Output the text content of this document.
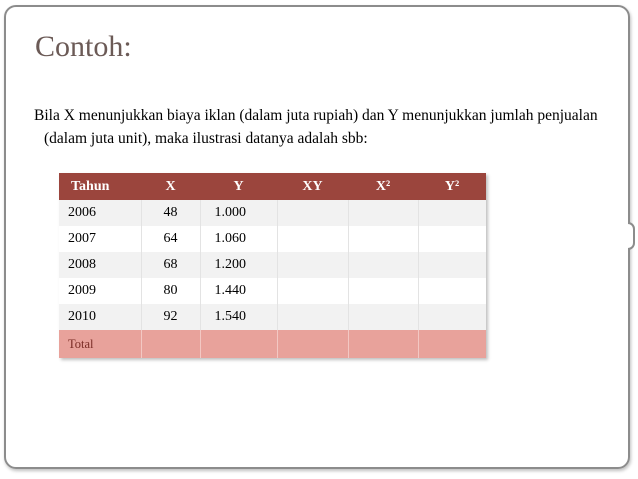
Contoh:

Bila X menunjukkan biaya iklan (dalam juta rupiah) dan Y menunjukkan jumlah penjualan (dalam juta unit), maka ilustrasi datanya adalah sbb:

Tahun	X	Y	XY	X²	Y²
2006	48	1.000			
2007	64	1.060			
2008	68	1.200			
2009	80	1.440			
2010	92	1.540			
Total					
